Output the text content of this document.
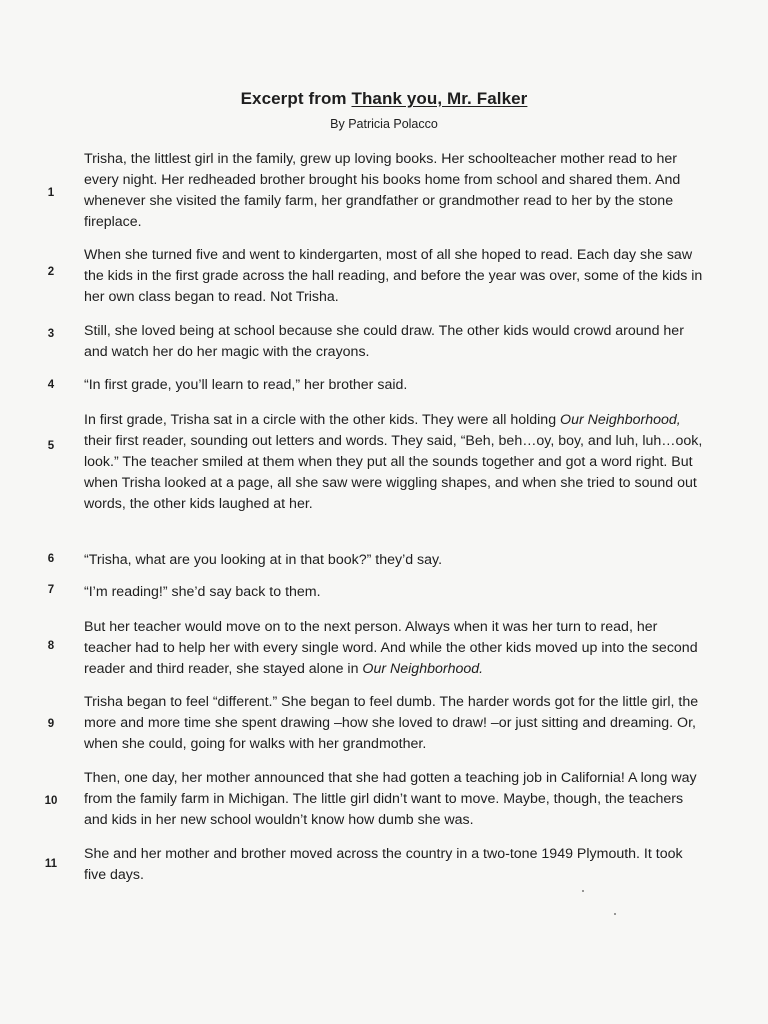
Excerpt from Thank you, Mr. Falker
By Patricia Polacco
1
Trisha, the littlest girl in the family, grew up loving books. Her schoolteacher mother read to her every night. Her redheaded brother brought his books home from school and shared them. And whenever she visited the family farm, her grandfather or grandmother read to her by the stone fireplace.
2
When she turned five and went to kindergarten, most of all she hoped to read. Each day she saw the kids in the first grade across the hall reading, and before the year was over, some of the kids in her own class began to read. Not Trisha.
3	Still, she loved being at school because she could draw. The other kids would crowd around her and watch her do her magic with the crayons.
4	“In first grade, you’ll learn to read,” her brother said.
5
In first grade, Trisha sat in a circle with the other kids. They were all holding Our Neighborhood, their first reader, sounding out letters and words. They said, “Beh, beh…oy, boy, and luh, luh…ook, look.” The teacher smiled at them when they put all the sounds together and got a word right. But when Trisha looked at a page, all she saw were wiggling shapes, and when she tried to sound out words, the other kids laughed at her.
6	“Trisha, what are you looking at in that book?” they’d say.
7	“I’m reading!” she’d say back to them.
8
But her teacher would move on to the next person. Always when it was her turn to read, her teacher had to help her with every single word. And while the other kids moved up into the second reader and third reader, she stayed alone in Our Neighborhood.
9
Trisha began to feel “different.” She began to feel dumb. The harder words got for the little girl, the more and more time she spent drawing –how she loved to draw! –or just sitting and dreaming. Or, when she could, going for walks with her grandmother.
10
Then, one day, her mother announced that she had gotten a teaching job in California! A long way from the family farm in Michigan. The little girl didn’t want to move. Maybe, though, the teachers and kids in her new school wouldn’t know how dumb she was.
11
She and her mother and brother moved across the country in a two-tone 1949 Plymouth. It took five days.
